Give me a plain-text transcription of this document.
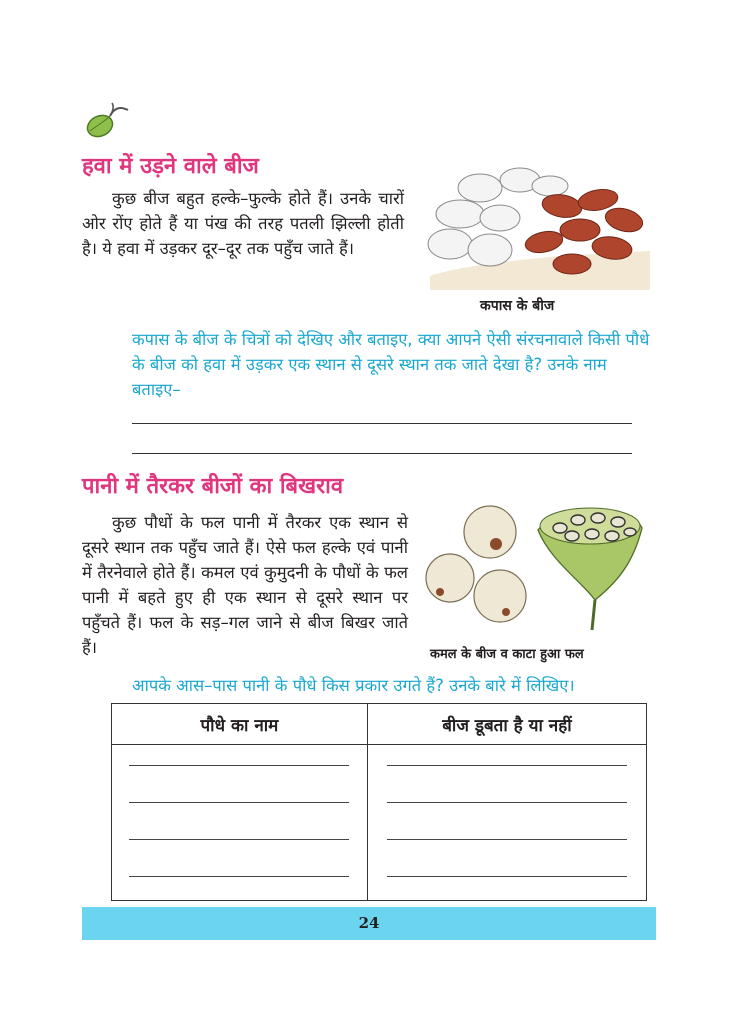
हवा में उड़ने वाले बीज
कुछ बीज बहुत हल्के–फुल्के होते हैं। उनके चारों ओर रोंए होते हैं या पंख की तरह पतली झिल्ली होती है। ये हवा में उड़कर दूर–दूर तक पहुँच जाते हैं।
कपास के बीज
कपास के बीज के चित्रों को देखिए और बताइए, क्या आपने ऐसी संरचनावाले किसी पौधे के बीज को हवा में उड़कर एक स्थान से दूसरे स्थान तक जाते देखा है? उनके नाम बताइए–
पानी में तैरकर बीजों का बिखराव
कुछ पौधों के फल पानी में तैरकर एक स्थान से दूसरे स्थान तक पहुँच जाते हैं। ऐसे फल हल्के एवं पानी में तैरनेवाले होते हैं। कमल एवं कुमुदनी के पौधों के फल पानी में बहते हुए ही एक स्थान से दूसरे स्थान पर पहुँचते हैं। फल के सड़–गल जाने से बीज बिखर जाते हैं।	कमल के बीज व काटा हुआ फल
आपके आस–पास पानी के पौधे किस प्रकार उगते हैं? उनके बारे में लिखिए।
पौधे का नाम	बीज डूबता है या नहीं

24
